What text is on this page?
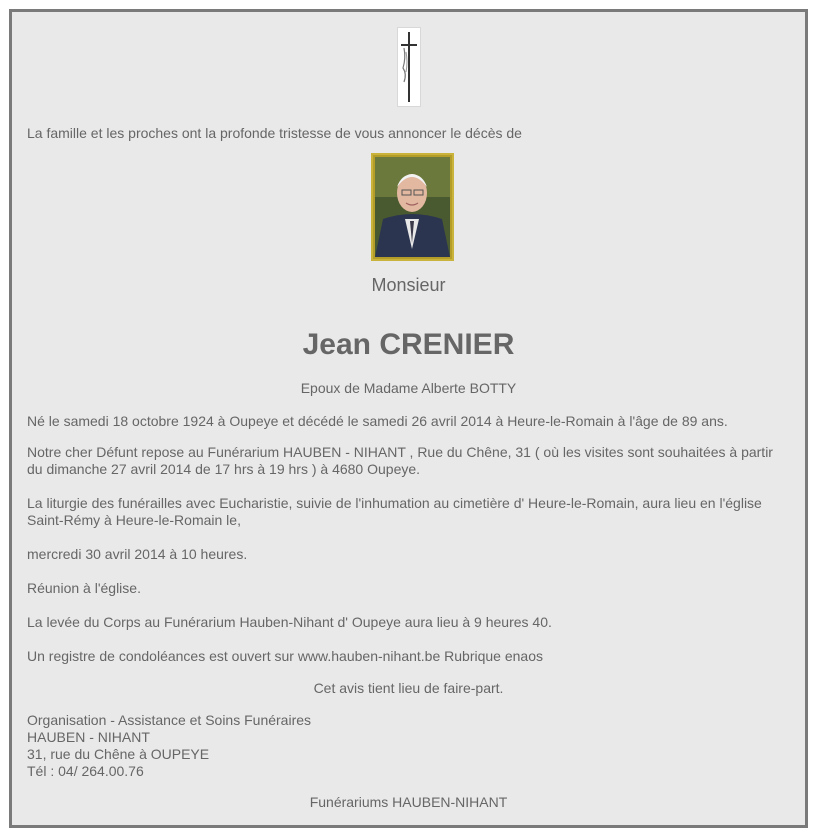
La famille et les proches ont la profonde tristesse de vous annoncer le décès de

Monsieur

Jean CRENIER

Epoux de Madame Alberte BOTTY

Né le samedi 18 octobre 1924 à Oupeye et décédé le samedi 26 avril 2014 à Heure-le-Romain à l'âge de 89 ans.

Notre cher Défunt repose au Funérarium HAUBEN - NIHANT , Rue du Chêne, 31 ( où les visites sont souhaitées à partir du dimanche 27 avril 2014 de 17 hrs à 19 hrs ) à 4680 Oupeye.

La liturgie des funérailles avec Eucharistie, suivie de l'inhumation au cimetière d' Heure-le-Romain, aura lieu en l'église Saint-Rémy à Heure-le-Romain le,

mercredi 30 avril 2014 à 10 heures.

Réunion à l'église.

La levée du Corps au Funérarium Hauben-Nihant d' Oupeye aura lieu à 9 heures 40.

Un registre de condoléances est ouvert sur www.hauben-nihant.be Rubrique enaos

Cet avis tient lieu de faire-part.

Organisation - Assistance et Soins Funéraires
HAUBEN - NIHANT
31, rue du Chêne à OUPEYE
Tél : 04/ 264.00.76

Funérariums HAUBEN-NIHANT
